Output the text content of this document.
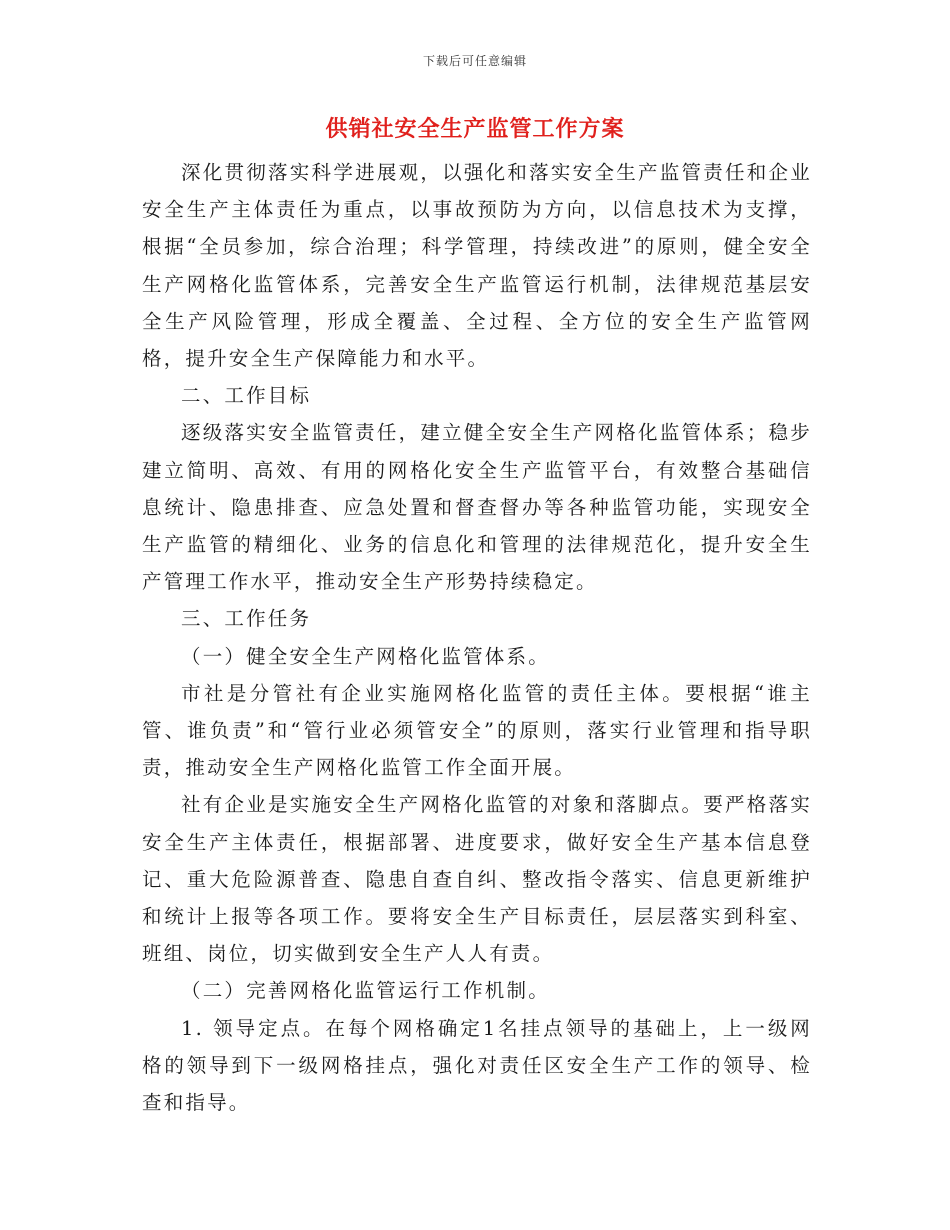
下载后可任意编辑
供销社安全生产监管工作方案

深化贯彻落实科学进展观，以强化和落实安全生产监管责任和企业安全生产主体责任为重点，以事故预防为方向，以信息技术为支撑，根据“全员参加，综合治理；科学管理，持续改进”的原则，健全安全生产网格化监管体系，完善安全生产监管运行机制，法律规范基层安全生产风险管理，形成全覆盖、全过程、全方位的安全生产监管网格，提升安全生产保障能力和水平。

二、工作目标

逐级落实安全监管责任，建立健全安全生产网格化监管体系；稳步建立简明、高效、有用的网格化安全生产监管平台，有效整合基础信息统计、隐患排查、应急处置和督查督办等各种监管功能，实现安全生产监管的精细化、业务的信息化和管理的法律规范化，提升安全生产管理工作水平，推动安全生产形势持续稳定。

三、工作任务

（一）健全安全生产网格化监管体系。

市社是分管社有企业实施网格化监管的责任主体。要根据“谁主管、谁负责”和“管行业必须管安全”的原则，落实行业管理和指导职责，推动安全生产网格化监管工作全面开展。

社有企业是实施安全生产网格化监管的对象和落脚点。要严格落实安全生产主体责任，根据部署、进度要求，做好安全生产基本信息登记、重大危险源普查、隐患自查自纠、整改指令落实、信息更新维护和统计上报等各项工作。要将安全生产目标责任，层层落实到科室、班组、岗位，切实做到安全生产人人有责。

（二）完善网格化监管运行工作机制。

1. 领导定点。在每个网格确定1名挂点领导的基础上，上一级网格的领导到下一级网格挂点，强化对责任区安全生产工作的领导、检查和指导。
